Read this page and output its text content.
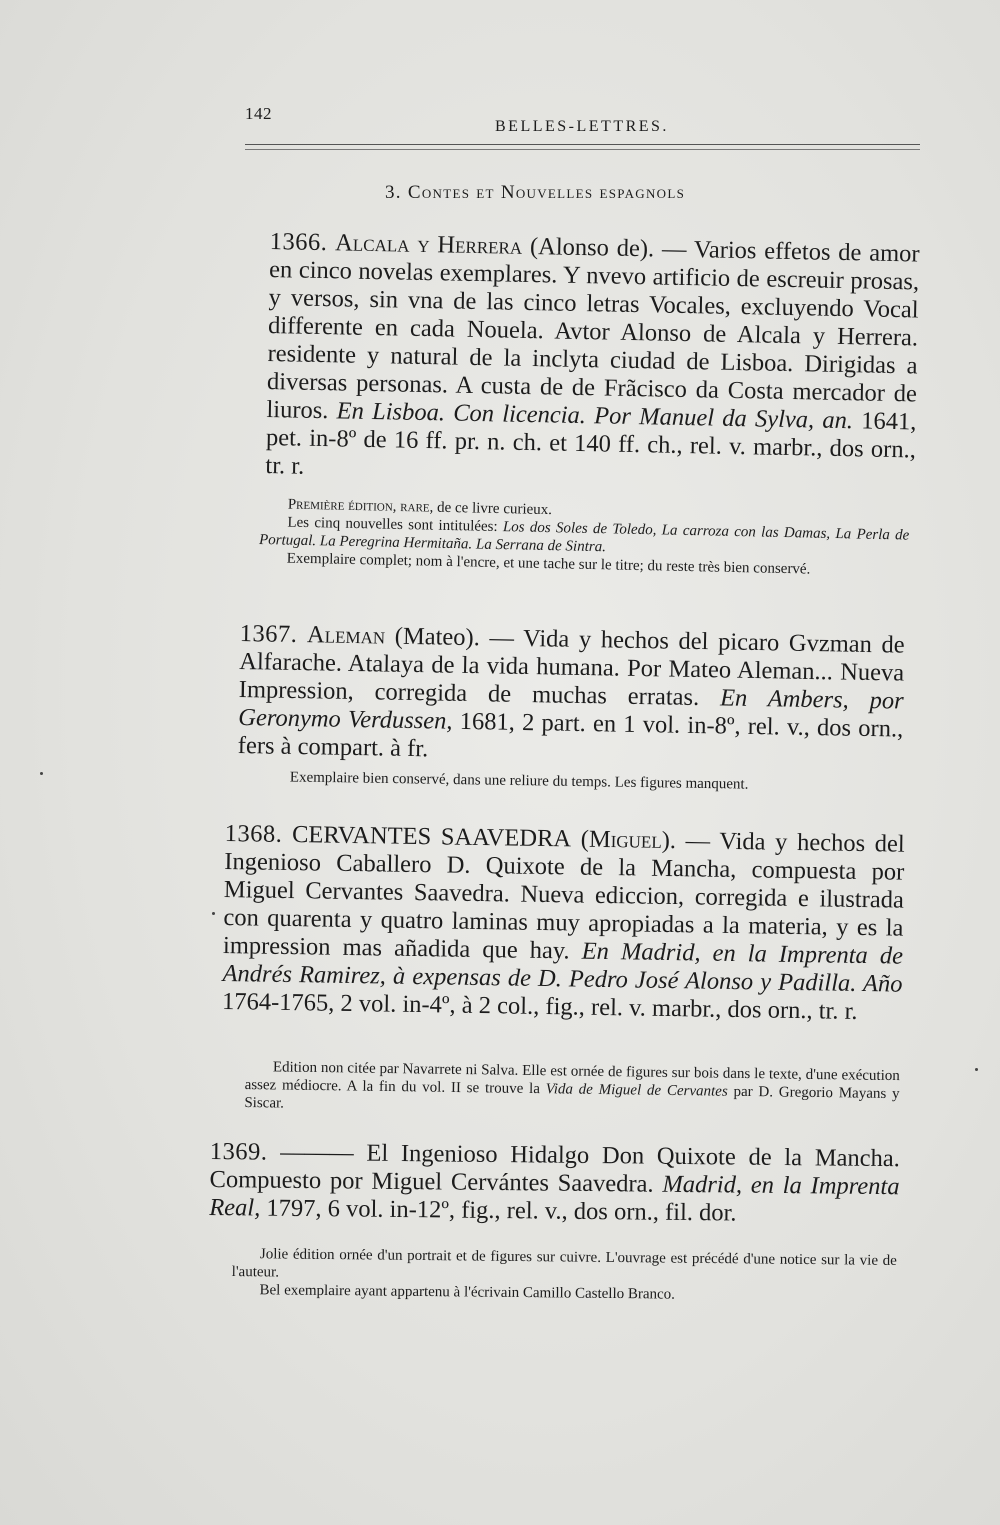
142
BELLES-LETTRES.
3. Contes et Nouvelles espagnols
1366. Alcala y Herrera (Alonso de). — Varios effetos de amor en cinco novelas exemplares. Y nvevo artificio de escreuir prosas, y versos, sin vna de las cinco letras Vocales, excluyendo Vocal differente en cada Nouela. Avtor Alonso de Alcala y Herrera. residente y natural de la inclyta ciudad de Lisboa. Dirigidas a diversas personas. A custa de de Frãcisco da Costa mercador de liuros. En Lisboa. Con licencia. Por Manuel da Sylva, an. 1641, pet. in-8º de 16 ff. pr. n. ch. et 140 ff. ch., rel. v. marbr., dos orn., tr. r.

Première édition, rare, de ce livre curieux.

Les cinq nouvelles sont intitulées: Los dos Soles de Toledo, La carroza con las Damas, La Perla de Portugal. La Peregrina Hermitaña. La Serrana de Sintra.

Exemplaire complet; nom à l'encre, et une tache sur le titre; du reste très bien conservé.

1367. Aleman (Mateo). — Vida y hechos del picaro Gvzman de Alfarache. Atalaya de la vida humana. Por Mateo Aleman... Nueva Impression, corregida de muchas erratas. En Ambers, por Geronymo Verdussen, 1681, 2 part. en 1 vol. in-8º, rel. v., dos orn., fers à compart. à fr.

Exemplaire bien conservé, dans une reliure du temps. Les figures manquent.

1368. CERVANTES SAAVEDRA (Miguel). — Vida y hechos del Ingenioso Caballero D. Quixote de la Mancha, compuesta por Miguel Cervantes Saavedra. Nueva ediccion, corregida e ilustrada con quarenta y quatro laminas muy apropiadas a la materia, y es la impression mas añadida que hay. En Madrid, en la Imprenta de Andrés Ramirez, à expensas de D. Pedro José Alonso y Padilla. Año 1764-1765, 2 vol. in-4º, à 2 col., fig., rel. v. marbr., dos orn., tr. r.

Edition non citée par Navarrete ni Salva. Elle est ornée de figures sur bois dans le texte, d'une exécution assez médiocre. A la fin du vol. II se trouve la Vida de Miguel de Cervantes par D. Gregorio Mayans y Siscar.

1369. ——— El Ingenioso Hidalgo Don Quixote de la Mancha. Compuesto por Miguel Cervántes Saavedra. Madrid, en la Imprenta Real, 1797, 6 vol. in-12º, fig., rel. v., dos orn., fil. dor.

Jolie édition ornée d'un portrait et de figures sur cuivre. L'ouvrage est précédé d'une notice sur la vie de l'auteur.

Bel exemplaire ayant appartenu à l'écrivain Camillo Castello Branco.
